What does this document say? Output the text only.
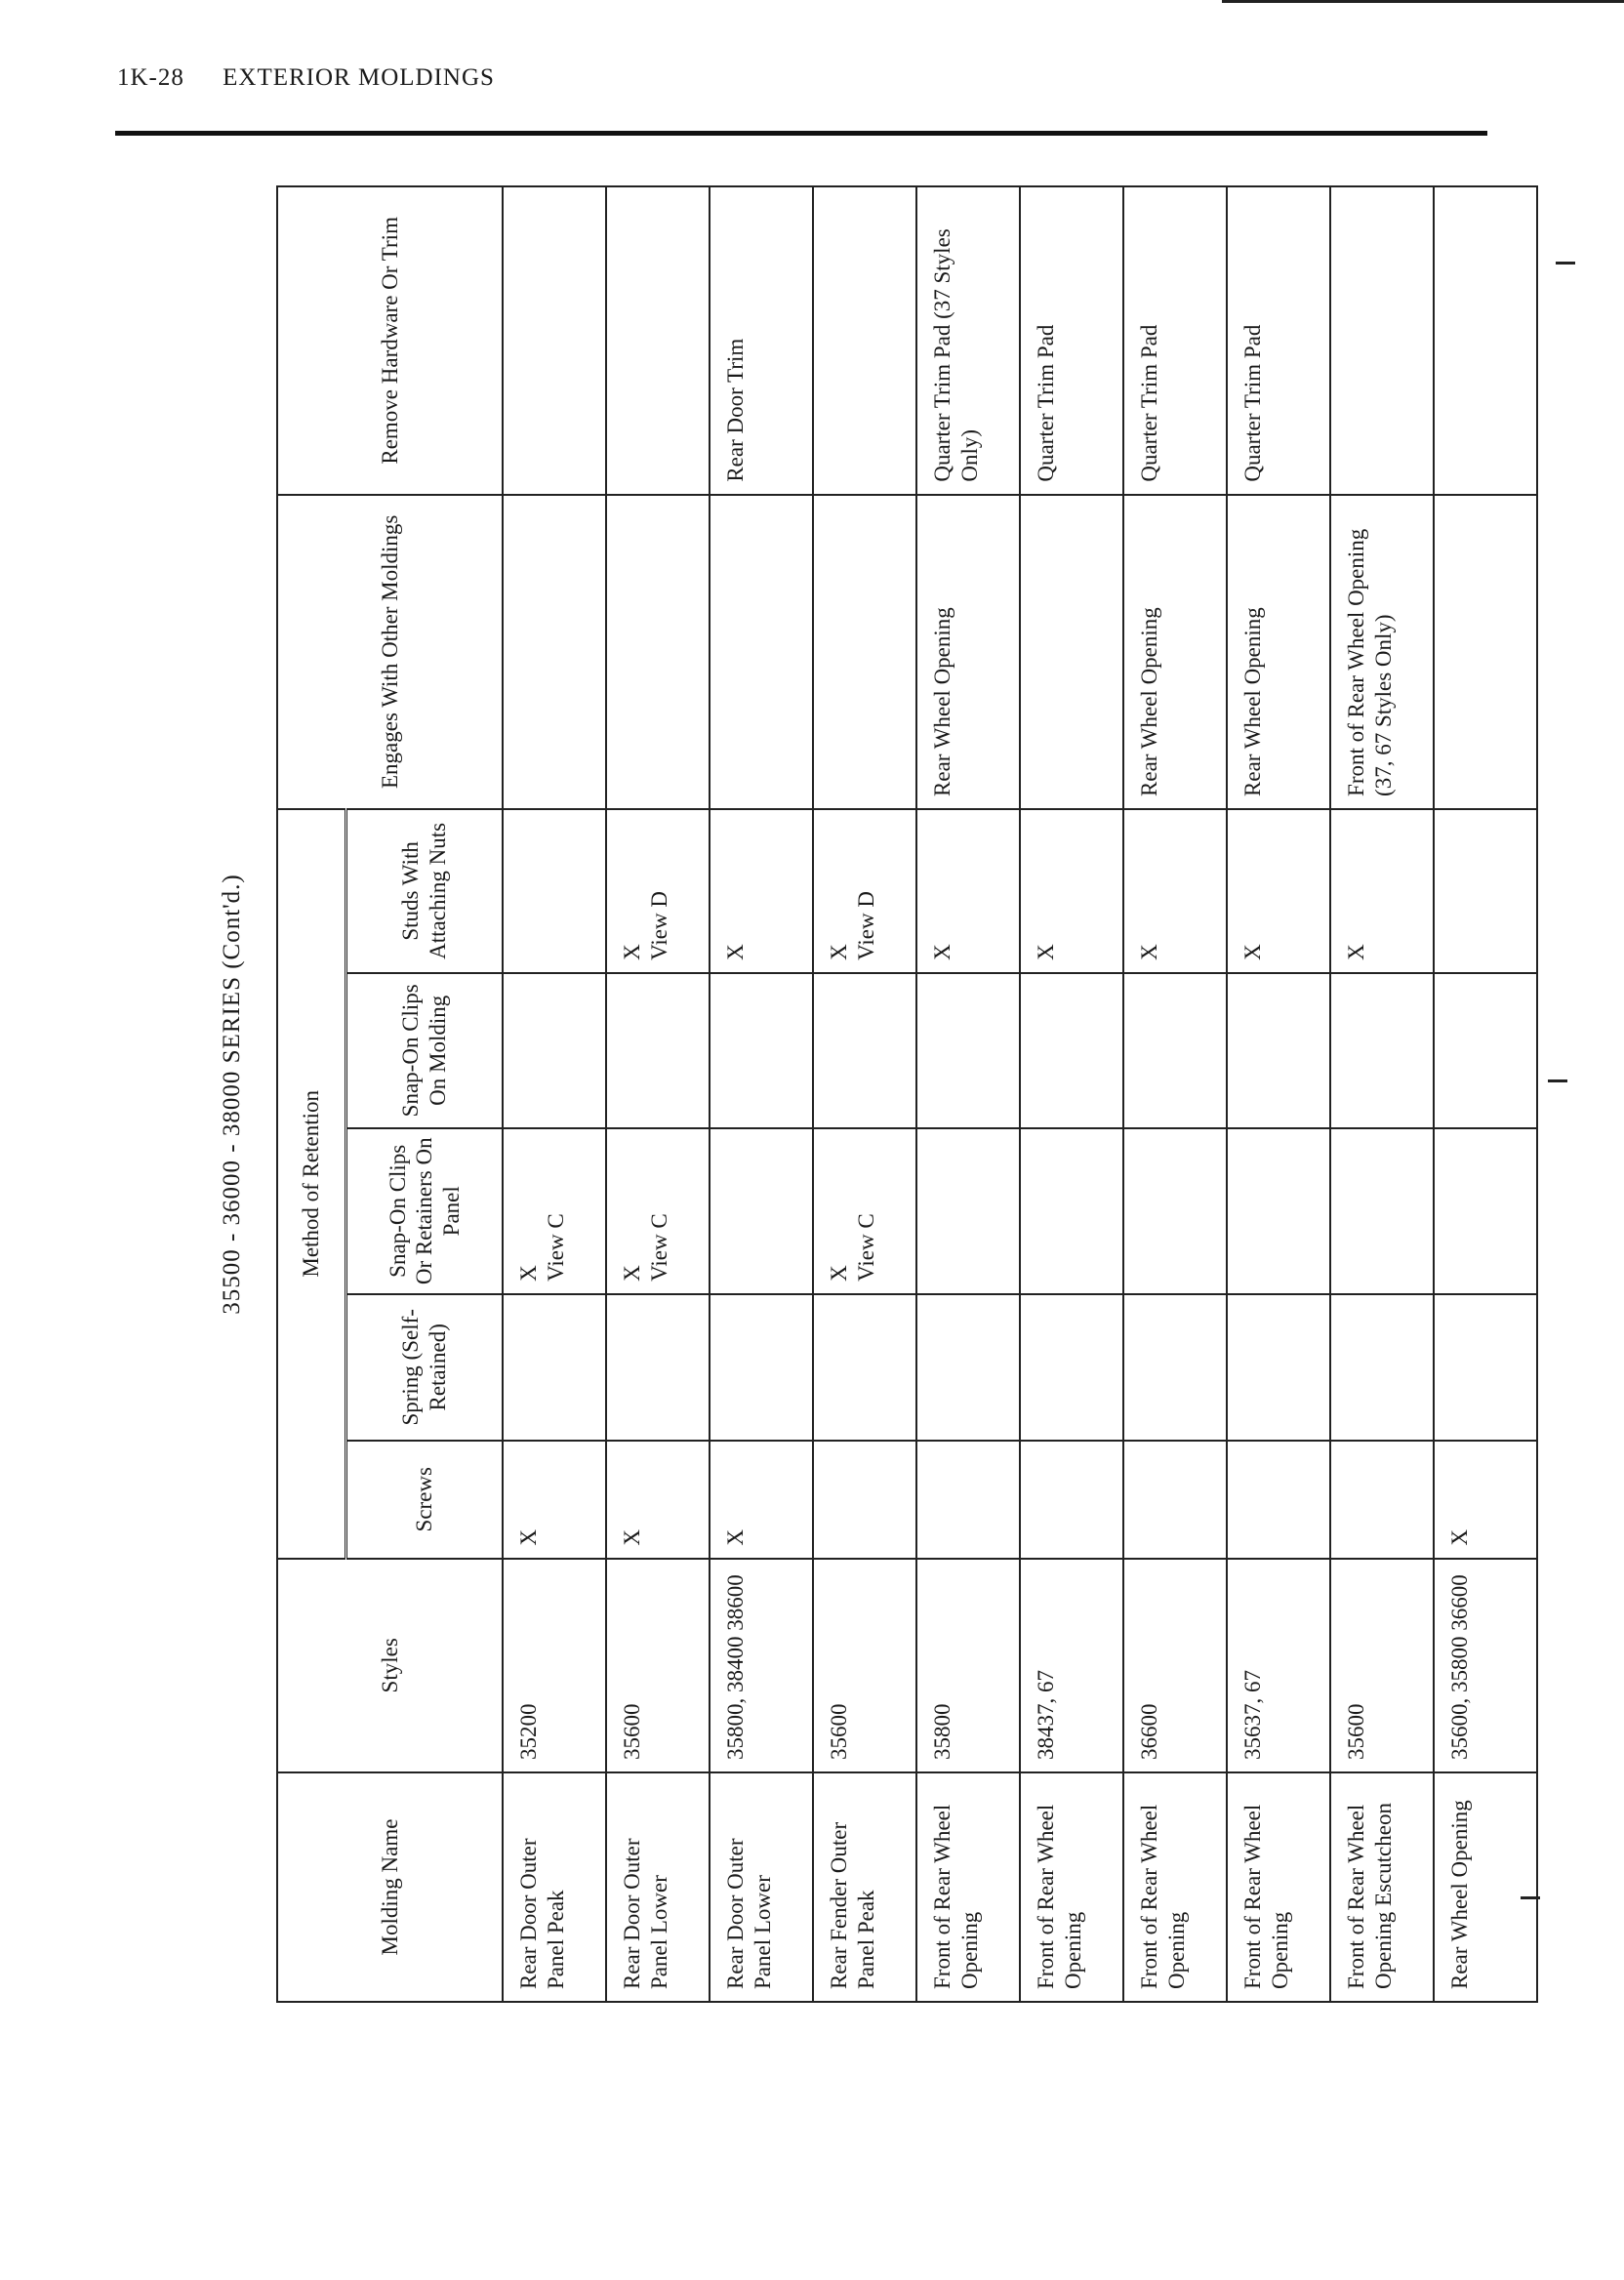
1K-28 EXTERIOR MOLDINGS
35500 - 36000 - 38000 SERIES (Cont'd.)
Molding Name	Styles	Method of Retention					Engages With Other Moldings	Remove Hardware Or Trim
		Screws	Spring (Self-Retained)	Snap-On Clips Or Retainers On Panel	Snap-On Clips On Molding	Studs With Attaching Nuts		
Rear Door Outer Panel Peak	35200	X		X View C				

Rear Door Outer Panel Lower	35600	X		X View C		X View D		

Rear Door Outer Panel Lower	35800, 38400 38600	X				X		Rear Door Trim
Rear Fender Outer Panel Peak	35600			X View C		X View D		

Front of Rear Wheel Opening	35800					X	Rear Wheel Opening	Quarter Trim Pad (37 Styles Only)
Front of Rear Wheel Opening	38437, 67					X		Quarter Trim Pad
Front of Rear Wheel Opening	36600					X	Rear Wheel Opening	Quarter Trim Pad
Front of Rear Wheel Opening	35637, 67					X	Rear Wheel Opening	Quarter Trim Pad
Front of Rear Wheel Opening Escutcheon	35600					X	Front of Rear Wheel Opening (37, 67 Styles Only)	
Rear Wheel Opening	35600, 35800 36600	X		
